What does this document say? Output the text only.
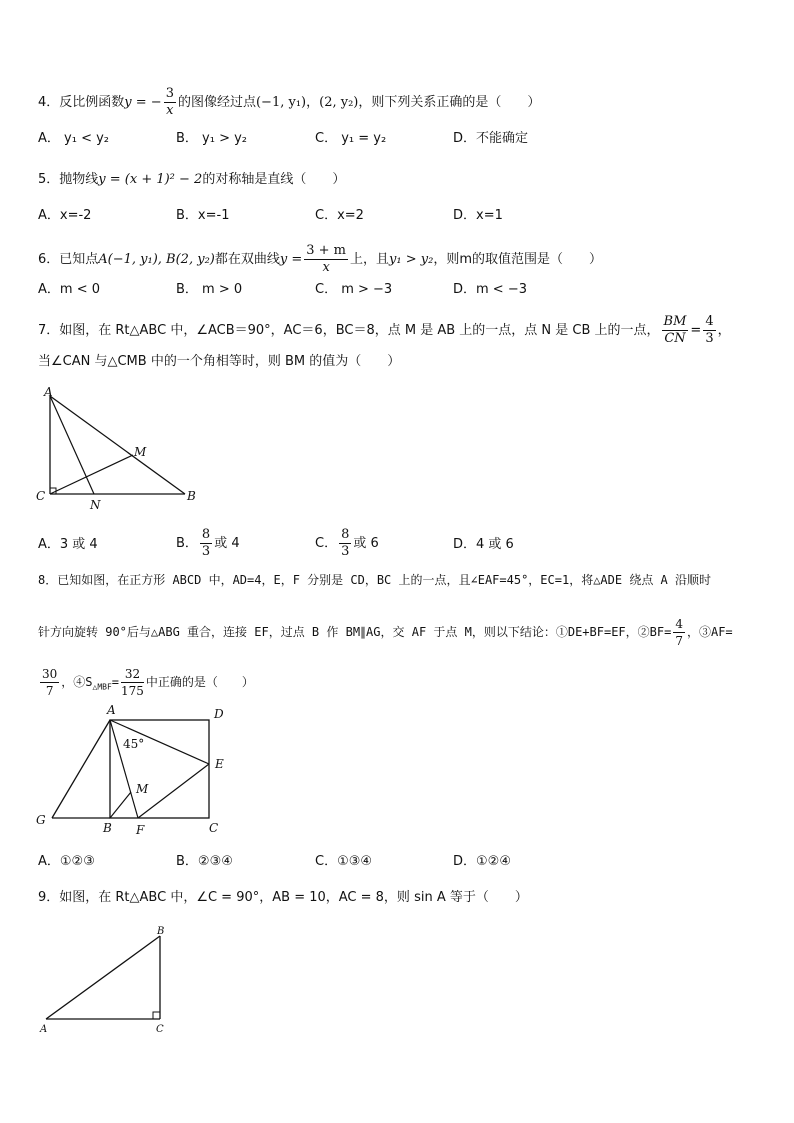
4．反比例函数y = − $\frac{3}{x}$ 的图像经过点(−1, y₁)，(2, y₂)，则下列关系正确的是（　　）
A． y₁ < y₂	B． y₁ > y₂	C． y₁ = y₂	D．不能确定
5．抛物线y = (x + 1)² − 2的对称轴是直线（　　）
A．x=-2	B．x=-1	C．x=2	D．x=1
6．已知点A(−1, y₁), B(2, y₂)都在双曲线$y = \frac{3 + m}{x}$ 上，且y₁ > y₂，则m的取值范围是（　　）
A．m < 0	B． m > 0	C． m > −3	D．m < −3
7．如图，在 Rt△ABC 中，∠ACB＝90°，AC＝6，BC＝8，点 M 是 AB 上的一点，点 N 是 CB 上的一点， $\frac{BM}{CN} = \frac{4}{3}$ ，
当∠CAN 与△CMB 中的一个角相等时，则 BM 的值为（　　）
A
M
C
N
B
A．3 或 4	B． $\frac{8}{3}$ 或 4	C． $\frac{8}{3}$ 或 6	D．4 或 6
8．已知如图，在正方形 ABCD 中，AD=4，E，F 分别是 CD，BC 上的一点，且∠EAF=45°，EC=1，将△ADE 绕点 A 沿顺时
针方向旋转 90°后与△ABG 重合，连接 EF，过点 B 作 BM∥AG，交 AF 于点 M，则以下结论：①DE+BF=EF，②BF= $\frac{4}{7}$ ，③AF=
$\frac{30}{7}$ ，$④S_{\triangle MBF}= \frac{32}{175}$ 中正确的是（　　）
A	D
45°
E
M
G
B F	C
A．①②③	B．②③④	C．①③④	D．①②④
9．如图，在 Rt△ABC 中，∠C = 90°，AB = 10，AC = 8，则 sin A 等于（　　）
B
A	C
